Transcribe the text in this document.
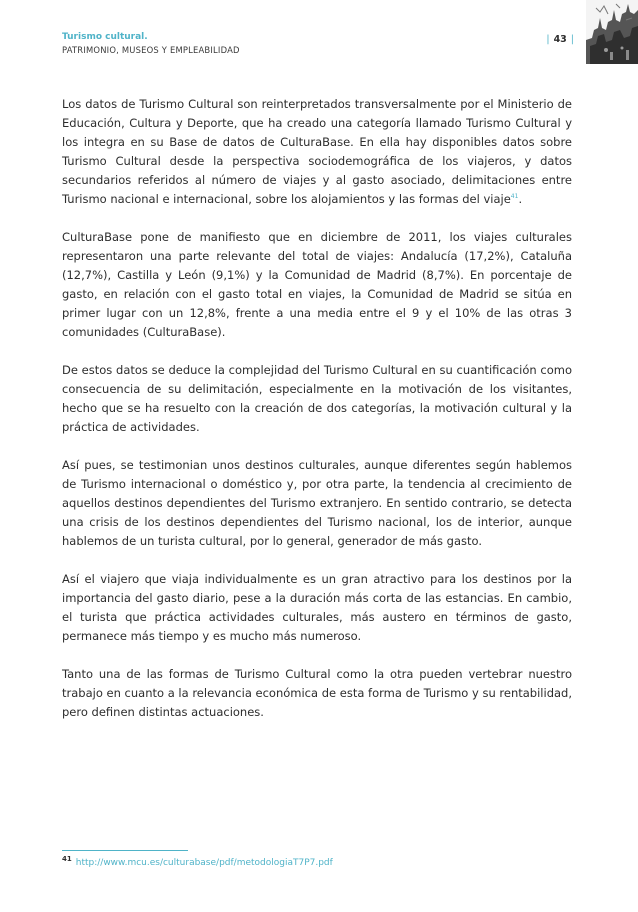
Turismo cultural.
PATRIMONIO, MUSEOS Y EMPLEABILIDAD
| 43 |

Los datos de Turismo Cultural son reinterpretados transversalmente por el Ministerio de Educación, Cultura y Deporte, que ha creado una categoría llamado Turismo Cultural y los integra en su Base de datos de CulturaBase. En ella hay disponibles datos sobre Turismo Cultural desde la perspectiva sociodemográfica de los viajeros, y datos secundarios referidos al número de viajes y al gasto asociado, delimitaciones entre Turismo nacional e internacional, sobre los alojamientos y las formas del viaje$^{41}$.

CulturaBase pone de manifiesto que en diciembre de 2011, los viajes culturales representaron una parte relevante del total de viajes: Andalucía (17,2%), Cataluña (12,7%), Castilla y León (9,1%) y la Comunidad de Madrid (8,7%). En porcentaje de gasto, en relación con el gasto total en viajes, la Comunidad de Madrid se sitúa en primer lugar con un 12,8%, frente a una media entre el 9 y el 10% de las otras 3 comunidades (CulturaBase).

De estos datos se deduce la complejidad del Turismo Cultural en su cuantificación como consecuencia de su delimitación, especialmente en la motivación de los visitantes, hecho que se ha resuelto con la creación de dos categorías, la motivación cultural y la práctica de actividades.

Así pues, se testimonian unos destinos culturales, aunque diferentes según hablemos de Turismo internacional o doméstico y, por otra parte, la tendencia al crecimiento de aquellos destinos dependientes del Turismo extranjero. En sentido contrario, se detecta una crisis de los destinos dependientes del Turismo nacional, los de interior, aunque hablemos de un turista cultural, por lo general, generador de más gasto.

Así el viajero que viaja individualmente es un gran atractivo para los destinos por la importancia del gasto diario, pese a la duración más corta de las estancias. En cambio, el turista que práctica actividades culturales, más austero en términos de gasto, permanece más tiempo y es mucho más numeroso.

Tanto una de las formas de Turismo Cultural como la otra pueden vertebrar nuestro trabajo en cuanto a la relevancia económica de esta forma de Turismo y su rentabilidad, pero definen distintas actuaciones.

$^{41}$ http://www.mcu.es/culturabase/pdf/metodologiaT7P7.pdf
